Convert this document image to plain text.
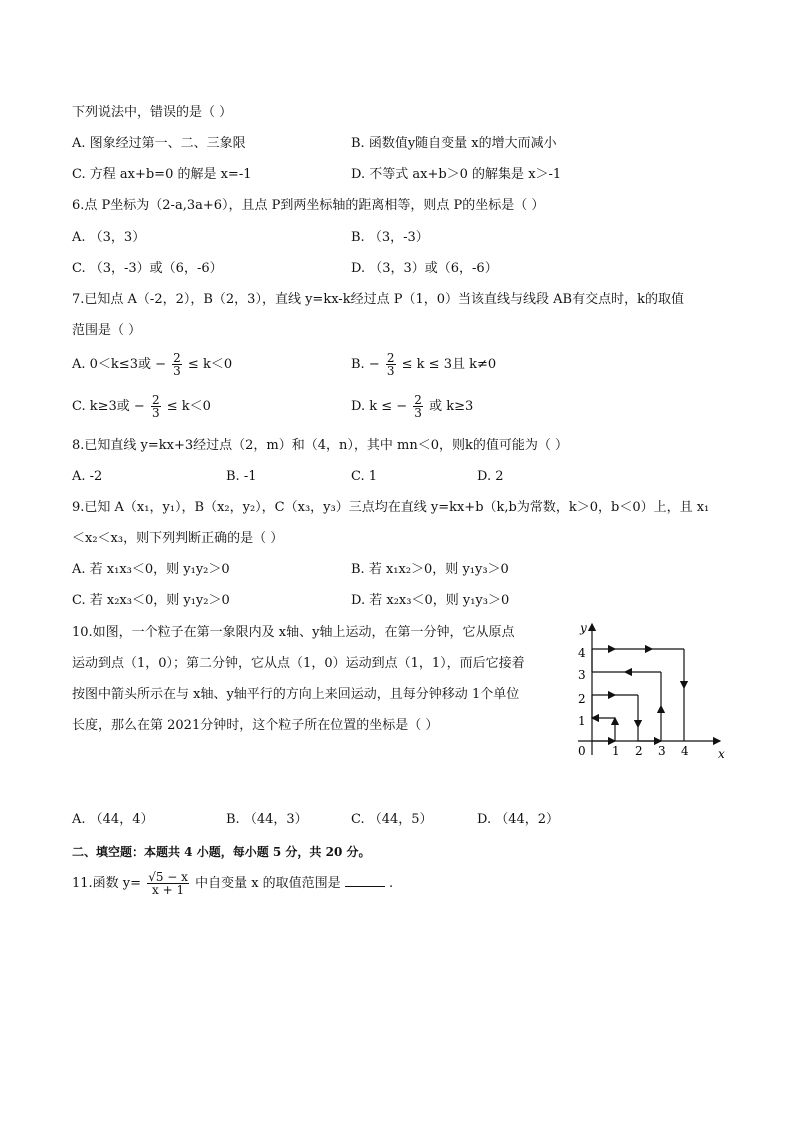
下列说法中，错误的是（ ）
A. 图象经过第一、二、三象限	B. 函数值y随自变量 x的增大而减小
C. 方程 ax+b=0 的解是 x=-1	D. 不等式 ax+b＞0 的解集是 x＞-1
6.点 P坐标为（2-a,3a+6），且点 P到两坐标轴的距离相等，则点 P的坐标是（ ）
A. （3，3）	B. （3，-3）
C. （3，-3）或（6，-6）	D. （3，3）或（6，-6）
7.已知点 A（-2，2），B（2，3），直线 y=kx-k经过点 P（1，0）当该直线与线段 AB有交点时，k的取值
范围是（ ）
A. 0＜k≤3或 − $\frac{2}{3} \le k<0$	B. − $\frac{2}{3} \le k \le 3$且 k≠0
C. k≥3或 − $\frac{2}{3} \le k<0$	D. k ≤ − $\frac{2}{3}$ 或 k≥3
8.已知直线 y=kx+3经过点（2，m）和（4，n），其中 mn＜0，则k的值可能为（ ）
A. -2	B. -1	C. 1	D. 2
9.已知 A（x₁，y₁），B（x₂，y₂），C（x₃，y₃）三点均在直线 y=kx+b（k,b为常数，k＞0，b＜0）上，且 x₁
＜x₂＜x₃，则下列判断正确的是（ ）
A. 若 x₁x₃＜0，则 y₁y₂＞0	B. 若 x₁x₂＞0，则 y₁y₃＞0
C. 若 x₂x₃＜0，则 y₁y₂＞0	D. 若 x₂x₃＜0，则 y₁y₃＞0
10.如图，一个粒子在第一象限内及 x轴、y轴上运动，在第一分钟，它从原点
运动到点（1，0）；第二分钟，它从点（1，0）运动到点（1，1），而后它接着
按图中箭头所示在与 x轴、y轴平行的方向上来回运动，且每分钟移动 1个单位
长度，那么在第 2021分钟时，这个粒子所在位置的坐标是（ ）
y
x
0 1 2 3 4
1
2
3
4
A. （44，4）	B. （44，3）	C. （44，5）	D. （44，2）
二、填空题：本题共 4 小题，每小题 5 分，共 20 分。
11.函数 $y= \frac{√5 - x}{x + 1}$ 中自变量 x 的取值范围是	.
